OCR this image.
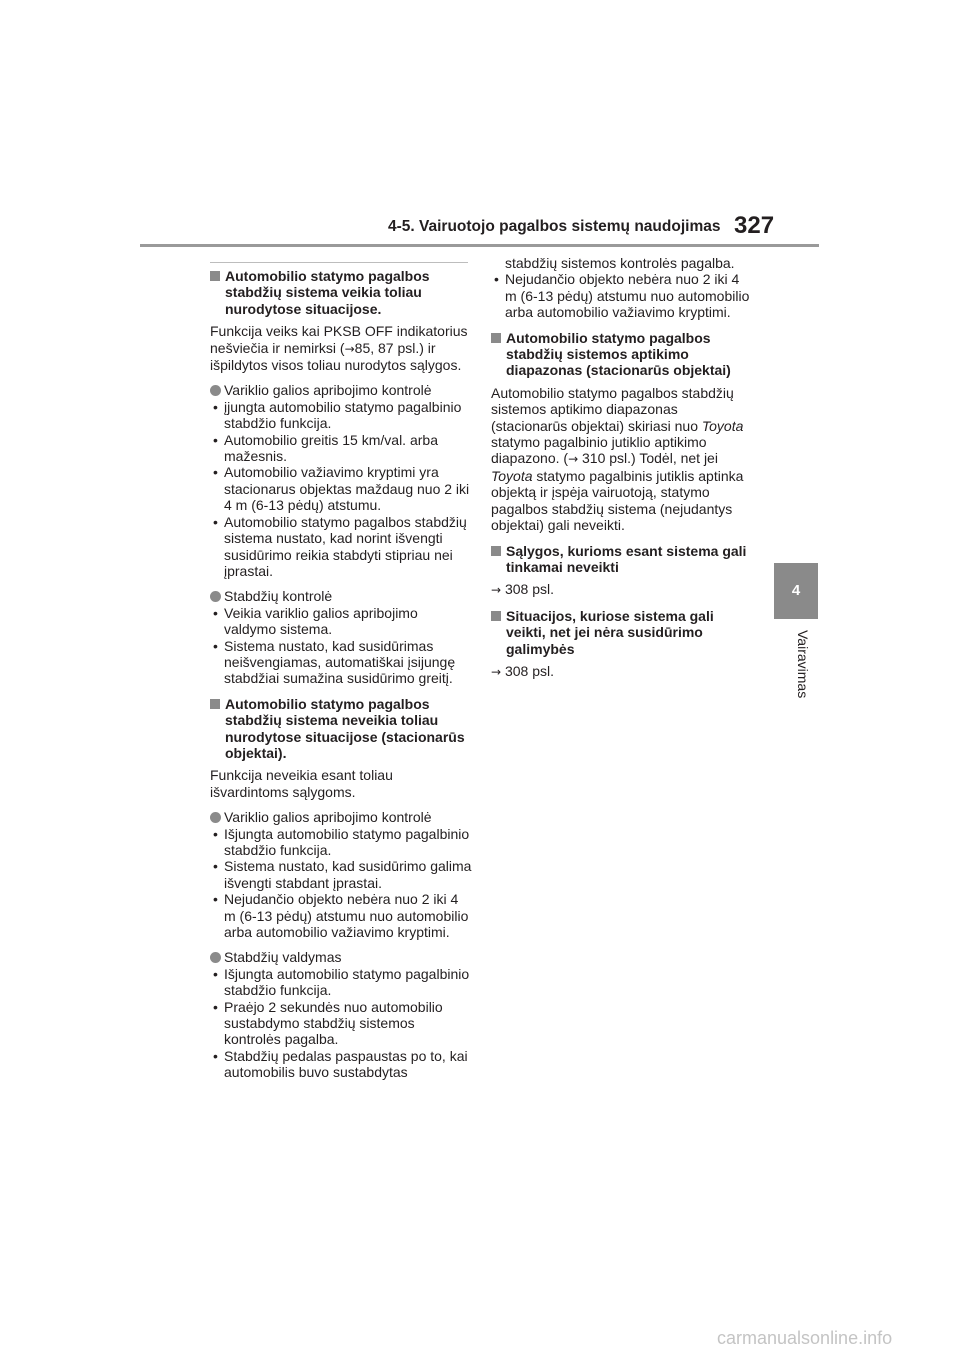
4-5. Vairuotojo pagalbos sistemų naudojimas 327
4
Vairavimas
Automobilio statymo pagalbos stabdžių sistema veikia toliau nurodytose situacijose.

Funkcija veiks kai PKSB OFF indikatorius nešviečia ir nemirksi (→85, 87 psl.) ir išpildytos visos toliau nurodytos sąlygos.

Variklio galios apribojimo kontrolė

• įjungta automobilio statymo pagalbinio stabdžio funkcija.

• Automobilio greitis 15 km/val. arba mažesnis.

• Automobilio važiavimo kryptimi yra stacionarus objektas maždaug nuo 2 iki 4 m (6-13 pėdų) atstumu.

• Automobilio statymo pagalbos stabdžių sistema nustato, kad norint išvengti susidūrimo reikia stabdyti stipriau nei įprastai.

Stabdžių kontrolė

• Veikia variklio galios apribojimo valdymo sistema.

• Sistema nustato, kad susidūrimas neišvengiamas, automatiškai įsijungę stabdžiai sumažina susidūrimo greitį.

Automobilio statymo pagalbos stabdžių sistema neveikia toliau nurodytose situacijose (stacionarūs objektai).

Funkcija neveikia esant toliau išvardintoms sąlygoms.

Variklio galios apribojimo kontrolė

• Išjungta automobilio statymo pagalbinio stabdžio funkcija.

• Sistema nustato, kad susidūrimo galima išvengti stabdant įprastai.

• Nejudančio objekto nebėra nuo 2 iki 4 m (6-13 pėdų) atstumu nuo automobilio arba automobilio važiavimo kryptimi.

Stabdžių valdymas

• Išjungta automobilio statymo pagalbinio stabdžio funkcija.

• Praėjo 2 sekundės nuo automobilio sustabdymo stabdžių sistemos kontrolės pagalba.

• Stabdžių pedalas paspaustas po to, kai automobilis buvo sustabdytas

stabdžių sistemos kontrolės pagalba.

• Nejudančio objekto nebėra nuo 2 iki 4 m (6-13 pėdų) atstumu nuo automobilio arba automobilio važiavimo kryptimi.

Automobilio statymo pagalbos stabdžių sistemos aptikimo diapazonas (stacionarūs objektai)

Automobilio statymo pagalbos stabdžių sistemos aptikimo diapazonas (stacionarūs objektai) skiriasi nuo Toyota statymo pagalbinio jutiklio aptikimo diapazono. (→ 310 psl.) Todėl, net jei Toyota statymo pagalbinis jutiklis aptinka objektą ir įspėja vairuotoją, statymo pagalbos stabdžių sistema (nejudantys objektai) gali neveikti.

Sąlygos, kurioms esant sistema gali tinkamai neveikti

→ 308 psl.

Situacijos, kuriose sistema gali veikti, net jei nėra susidūrimo galimybės

→ 308 psl.

carmanualsonline.info
